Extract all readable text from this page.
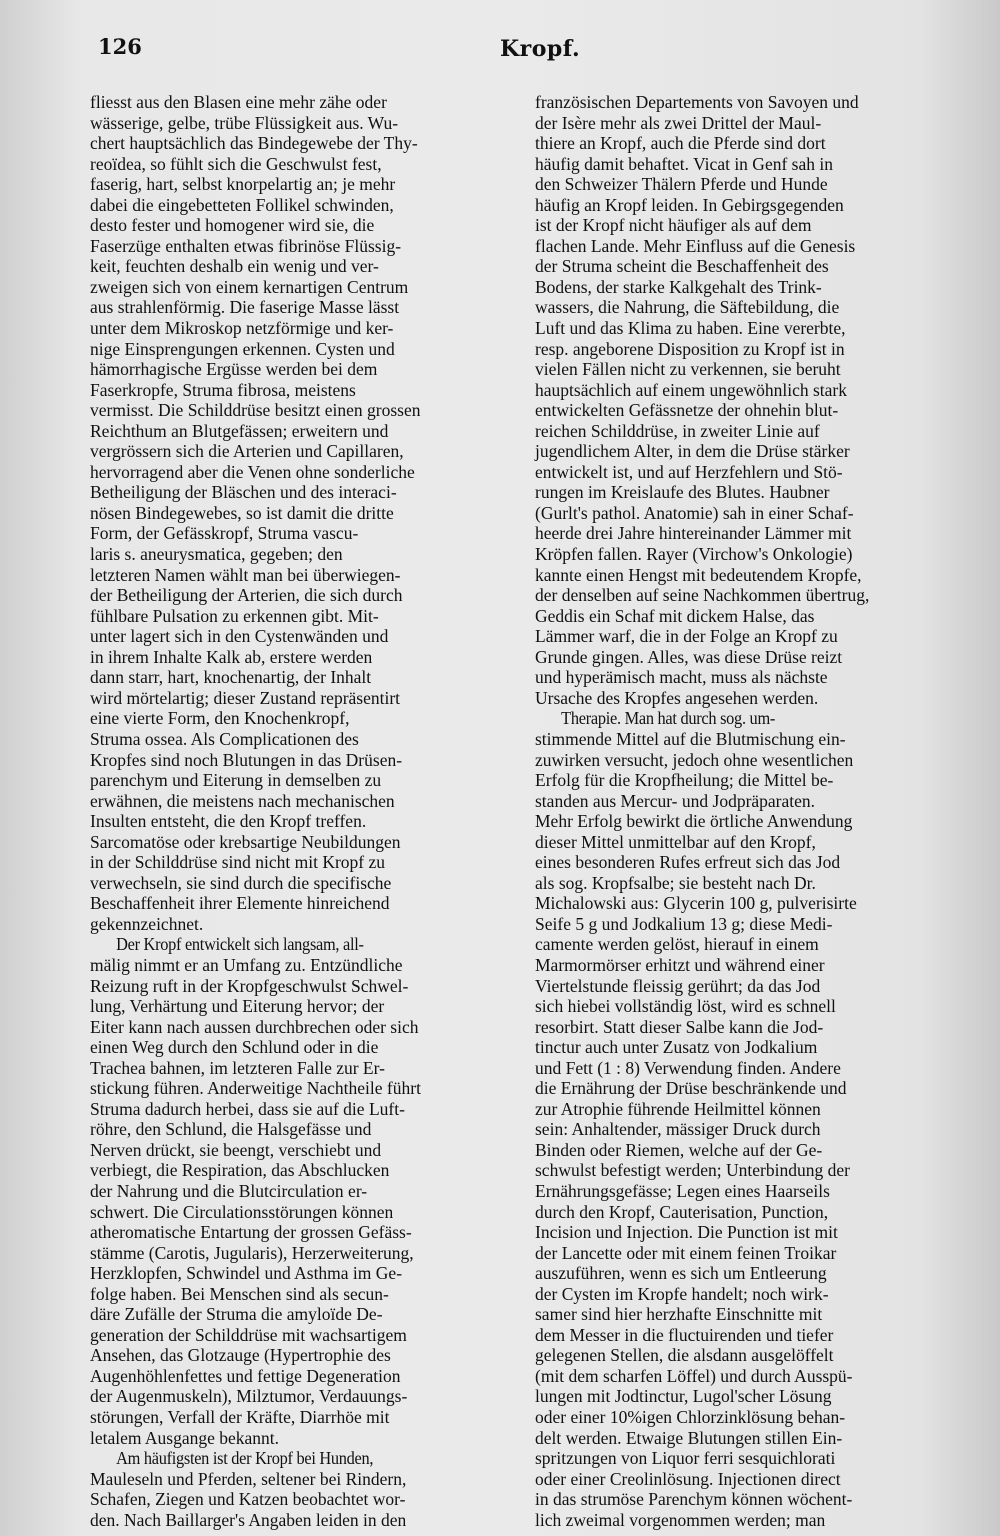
126	Kropf.
fliesst aus den Blasen eine mehr zähe oder
wässerige, gelbe, trübe Flüssigkeit aus. Wu-
chert hauptsächlich das Bindegewebe der Thy-
reoïdea, so fühlt sich die Geschwulst fest,
faserig, hart, selbst knorpelartig an; je mehr
dabei die eingebetteten Follikel schwinden,
desto fester und homogener wird sie, die
Faserzüge enthalten etwas fibrinöse Flüssig-
keit, feuchten deshalb ein wenig und ver-
zweigen sich von einem kernartigen Centrum
aus strahlenförmig. Die faserige Masse lässt
unter dem Mikroskop netzförmige und ker-
nige Einsprengungen erkennen. Cysten und
hämorrhagische Ergüsse werden bei dem
Faserkropfe, Struma fibrosa, meistens
vermisst. Die Schilddrüse besitzt einen grossen
Reichthum an Blutgefässen; erweitern und
vergrössern sich die Arterien und Capillaren,
hervorragend aber die Venen ohne sonderliche
Betheiligung der Bläschen und des interaci-
nösen Bindegewebes, so ist damit die dritte
Form, der Gefässkropf, Struma vascu-
laris s. aneurysmatica, gegeben; den
letzteren Namen wählt man bei überwiegen-
der Betheiligung der Arterien, die sich durch
fühlbare Pulsation zu erkennen gibt. Mit-
unter lagert sich in den Cystenwänden und
in ihrem Inhalte Kalk ab, erstere werden
dann starr, hart, knochenartig, der Inhalt
wird mörtelartig; dieser Zustand repräsentirt
eine vierte Form, den Knochenkropf,
Struma ossea. Als Complicationen des
Kropfes sind noch Blutungen in das Drüsen-
parenchym und Eiterung in demselben zu
erwähnen, die meistens nach mechanischen
Insulten entsteht, die den Kropf treffen.
Sarcomatöse oder krebsartige Neubildungen
in der Schilddrüse sind nicht mit Kropf zu
verwechseln, sie sind durch die specifische
Beschaffenheit ihrer Elemente hinreichend
gekennzeichnet.
Der Kropf entwickelt sich langsam, all-
mälig nimmt er an Umfang zu. Entzündliche
Reizung ruft in der Kropfgeschwulst Schwel-
lung, Verhärtung und Eiterung hervor; der
Eiter kann nach aussen durchbrechen oder sich
einen Weg durch den Schlund oder in die
Trachea bahnen, im letzteren Falle zur Er-
stickung führen. Anderweitige Nachtheile führt
Struma dadurch herbei, dass sie auf die Luft-
röhre, den Schlund, die Halsgefässe und
Nerven drückt, sie beengt, verschiebt und
verbiegt, die Respiration, das Abschlucken
der Nahrung und die Blutcirculation er-
schwert. Die Circulationsstörungen können
atheromatische Entartung der grossen Gefäss-
stämme (Carotis, Jugularis), Herzerweiterung,
Herzklopfen, Schwindel und Asthma im Ge-
folge haben. Bei Menschen sind als secun-
däre Zufälle der Struma die amyloïde De-
generation der Schilddrüse mit wachsartigem
Ansehen, das Glotzauge (Hypertrophie des
Augenhöhlenfettes und fettige Degeneration
der Augenmuskeln), Milztumor, Verdauungs-
störungen, Verfall der Kräfte, Diarrhöe mit
letalem Ausgange bekannt.
Am häufigsten ist der Kropf bei Hunden,
Mauleseln und Pferden, seltener bei Rindern,
Schafen, Ziegen und Katzen beobachtet wor-
den. Nach Baillarger's Angaben leiden in den
französischen Departements von Savoyen und
der Isère mehr als zwei Drittel der Maul-
thiere an Kropf, auch die Pferde sind dort
häufig damit behaftet. Vicat in Genf sah in
den Schweizer Thälern Pferde und Hunde
häufig an Kropf leiden. In Gebirgsgegenden
ist der Kropf nicht häufiger als auf dem
flachen Lande. Mehr Einfluss auf die Genesis
der Struma scheint die Beschaffenheit des
Bodens, der starke Kalkgehalt des Trink-
wassers, die Nahrung, die Säftebildung, die
Luft und das Klima zu haben. Eine vererbte,
resp. angeborene Disposition zu Kropf ist in
vielen Fällen nicht zu verkennen, sie beruht
hauptsächlich auf einem ungewöhnlich stark
entwickelten Gefässnetze der ohnehin blut-
reichen Schilddrüse, in zweiter Linie auf
jugendlichem Alter, in dem die Drüse stärker
entwickelt ist, und auf Herzfehlern und Stö-
rungen im Kreislaufe des Blutes. Haubner
(Gurlt's pathol. Anatomie) sah in einer Schaf-
heerde drei Jahre hintereinander Lämmer mit
Kröpfen fallen. Rayer (Virchow's Onkologie)
kannte einen Hengst mit bedeutendem Kropfe,
der denselben auf seine Nachkommen übertrug,
Geddis ein Schaf mit dickem Halse, das
Lämmer warf, die in der Folge an Kropf zu
Grunde gingen. Alles, was diese Drüse reizt
und hyperämisch macht, muss als nächste
Ursache des Kropfes angesehen werden.
Therapie. Man hat durch sog. um-
stimmende Mittel auf die Blutmischung ein-
zuwirken versucht, jedoch ohne wesentlichen
Erfolg für die Kropfheilung; die Mittel be-
standen aus Mercur- und Jodpräparaten.
Mehr Erfolg bewirkt die örtliche Anwendung
dieser Mittel unmittelbar auf den Kropf,
eines besonderen Rufes erfreut sich das Jod
als sog. Kropfsalbe; sie besteht nach Dr.
Michalowski aus: Glycerin 100 g, pulverisirte
Seife 5 g und Jodkalium 13 g; diese Medi-
camente werden gelöst, hierauf in einem
Marmormörser erhitzt und während einer
Viertelstunde fleissig gerührt; da das Jod
sich hiebei vollständig löst, wird es schnell
resorbirt. Statt dieser Salbe kann die Jod-
tinctur auch unter Zusatz von Jodkalium
und Fett (1 : 8) Verwendung finden. Andere
die Ernährung der Drüse beschränkende und
zur Atrophie führende Heilmittel können
sein: Anhaltender, mässiger Druck durch
Binden oder Riemen, welche auf der Ge-
schwulst befestigt werden; Unterbindung der
Ernährungsgefässe; Legen eines Haarseils
durch den Kropf, Cauterisation, Punction,
Incision und Injection. Die Punction ist mit
der Lancette oder mit einem feinen Troikar
auszuführen, wenn es sich um Entleerung
der Cysten im Kropfe handelt; noch wirk-
samer sind hier herzhafte Einschnitte mit
dem Messer in die fluctuirenden und tiefer
gelegenen Stellen, die alsdann ausgelöffelt
(mit dem scharfen Löffel) und durch Ausspü-
lungen mit Jodtinctur, Lugol'scher Lösung
oder einer 10%igen Chlorzinklösung behan-
delt werden. Etwaige Blutungen stillen Ein-
spritzungen von Liquor ferri sesquichlorati
oder einer Creolinlösung. Injectionen direct
in das strumöse Parenchym können wöchent-
lich zweimal vorgenommen werden; man
